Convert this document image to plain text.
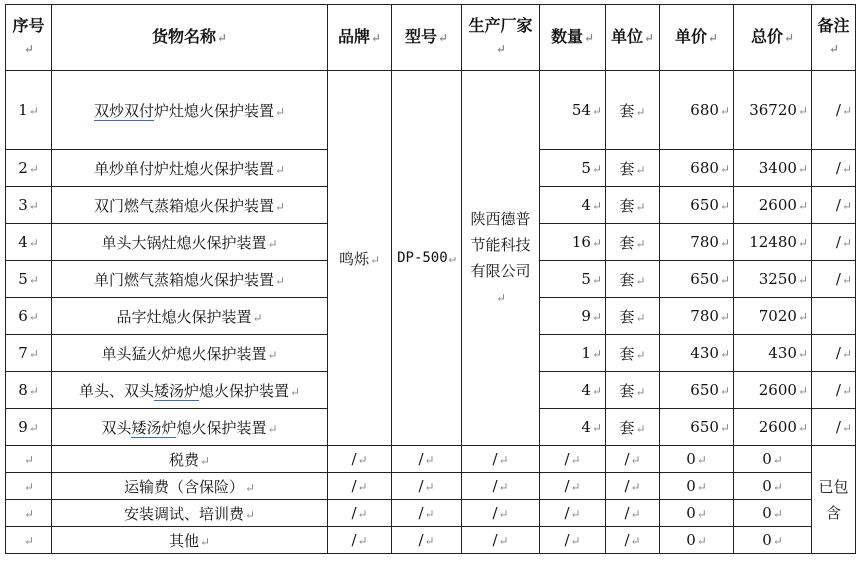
序号↵	货物名称↵	品牌↵	型号↵	生产厂家↵	数量↵	单位↵	单价↵	总价↵	备注↵
1↵	双炒双付炉灶熄火保护装置↵	鸣烁↵	DP-500↵	陕西德普节能科技有限公司↵	54↵	套↵	680↵	36720↵	/↵
2↵	单炒单付炉灶熄火保护装置↵				5↵	套↵	680↵	3400↵	/↵
3↵	双门燃气蒸箱熄火保护装置↵				4↵	套↵	650↵	2600↵	/↵
4↵	单头大锅灶熄火保护装置↵				16↵	套↵	780↵	12480↵	/↵
5↵	单门燃气蒸箱熄火保护装置↵				5↵	套↵	650↵	3250↵	/↵
6↵	品字灶熄火保护装置↵				9↵	套↵	780↵	7020↵	
7↵	单头猛火炉熄火保护装置↵				1↵	套↵	430↵	430↵	/↵
8↵	单头、双头矮汤炉熄火保护装置↵				4↵	套↵	650↵	2600↵	/↵
9↵	双头矮汤炉熄火保护装置↵				4↵	套↵	650↵	2600↵	/↵
↵	税费↵	/↵	/↵	/↵	/↵	/↵	0↵	0↵	已包含
↵	运输费（含保险）↵	/↵	/↵	/↵	/↵	/↵	0↵	0↵	
↵	安装调试、培训费↵	/↵	/↵	/↵	/↵	/↵	0↵	0↵	
↵	其他↵	/↵	/↵	/↵	/↵	/↵	0↵	0↵	
